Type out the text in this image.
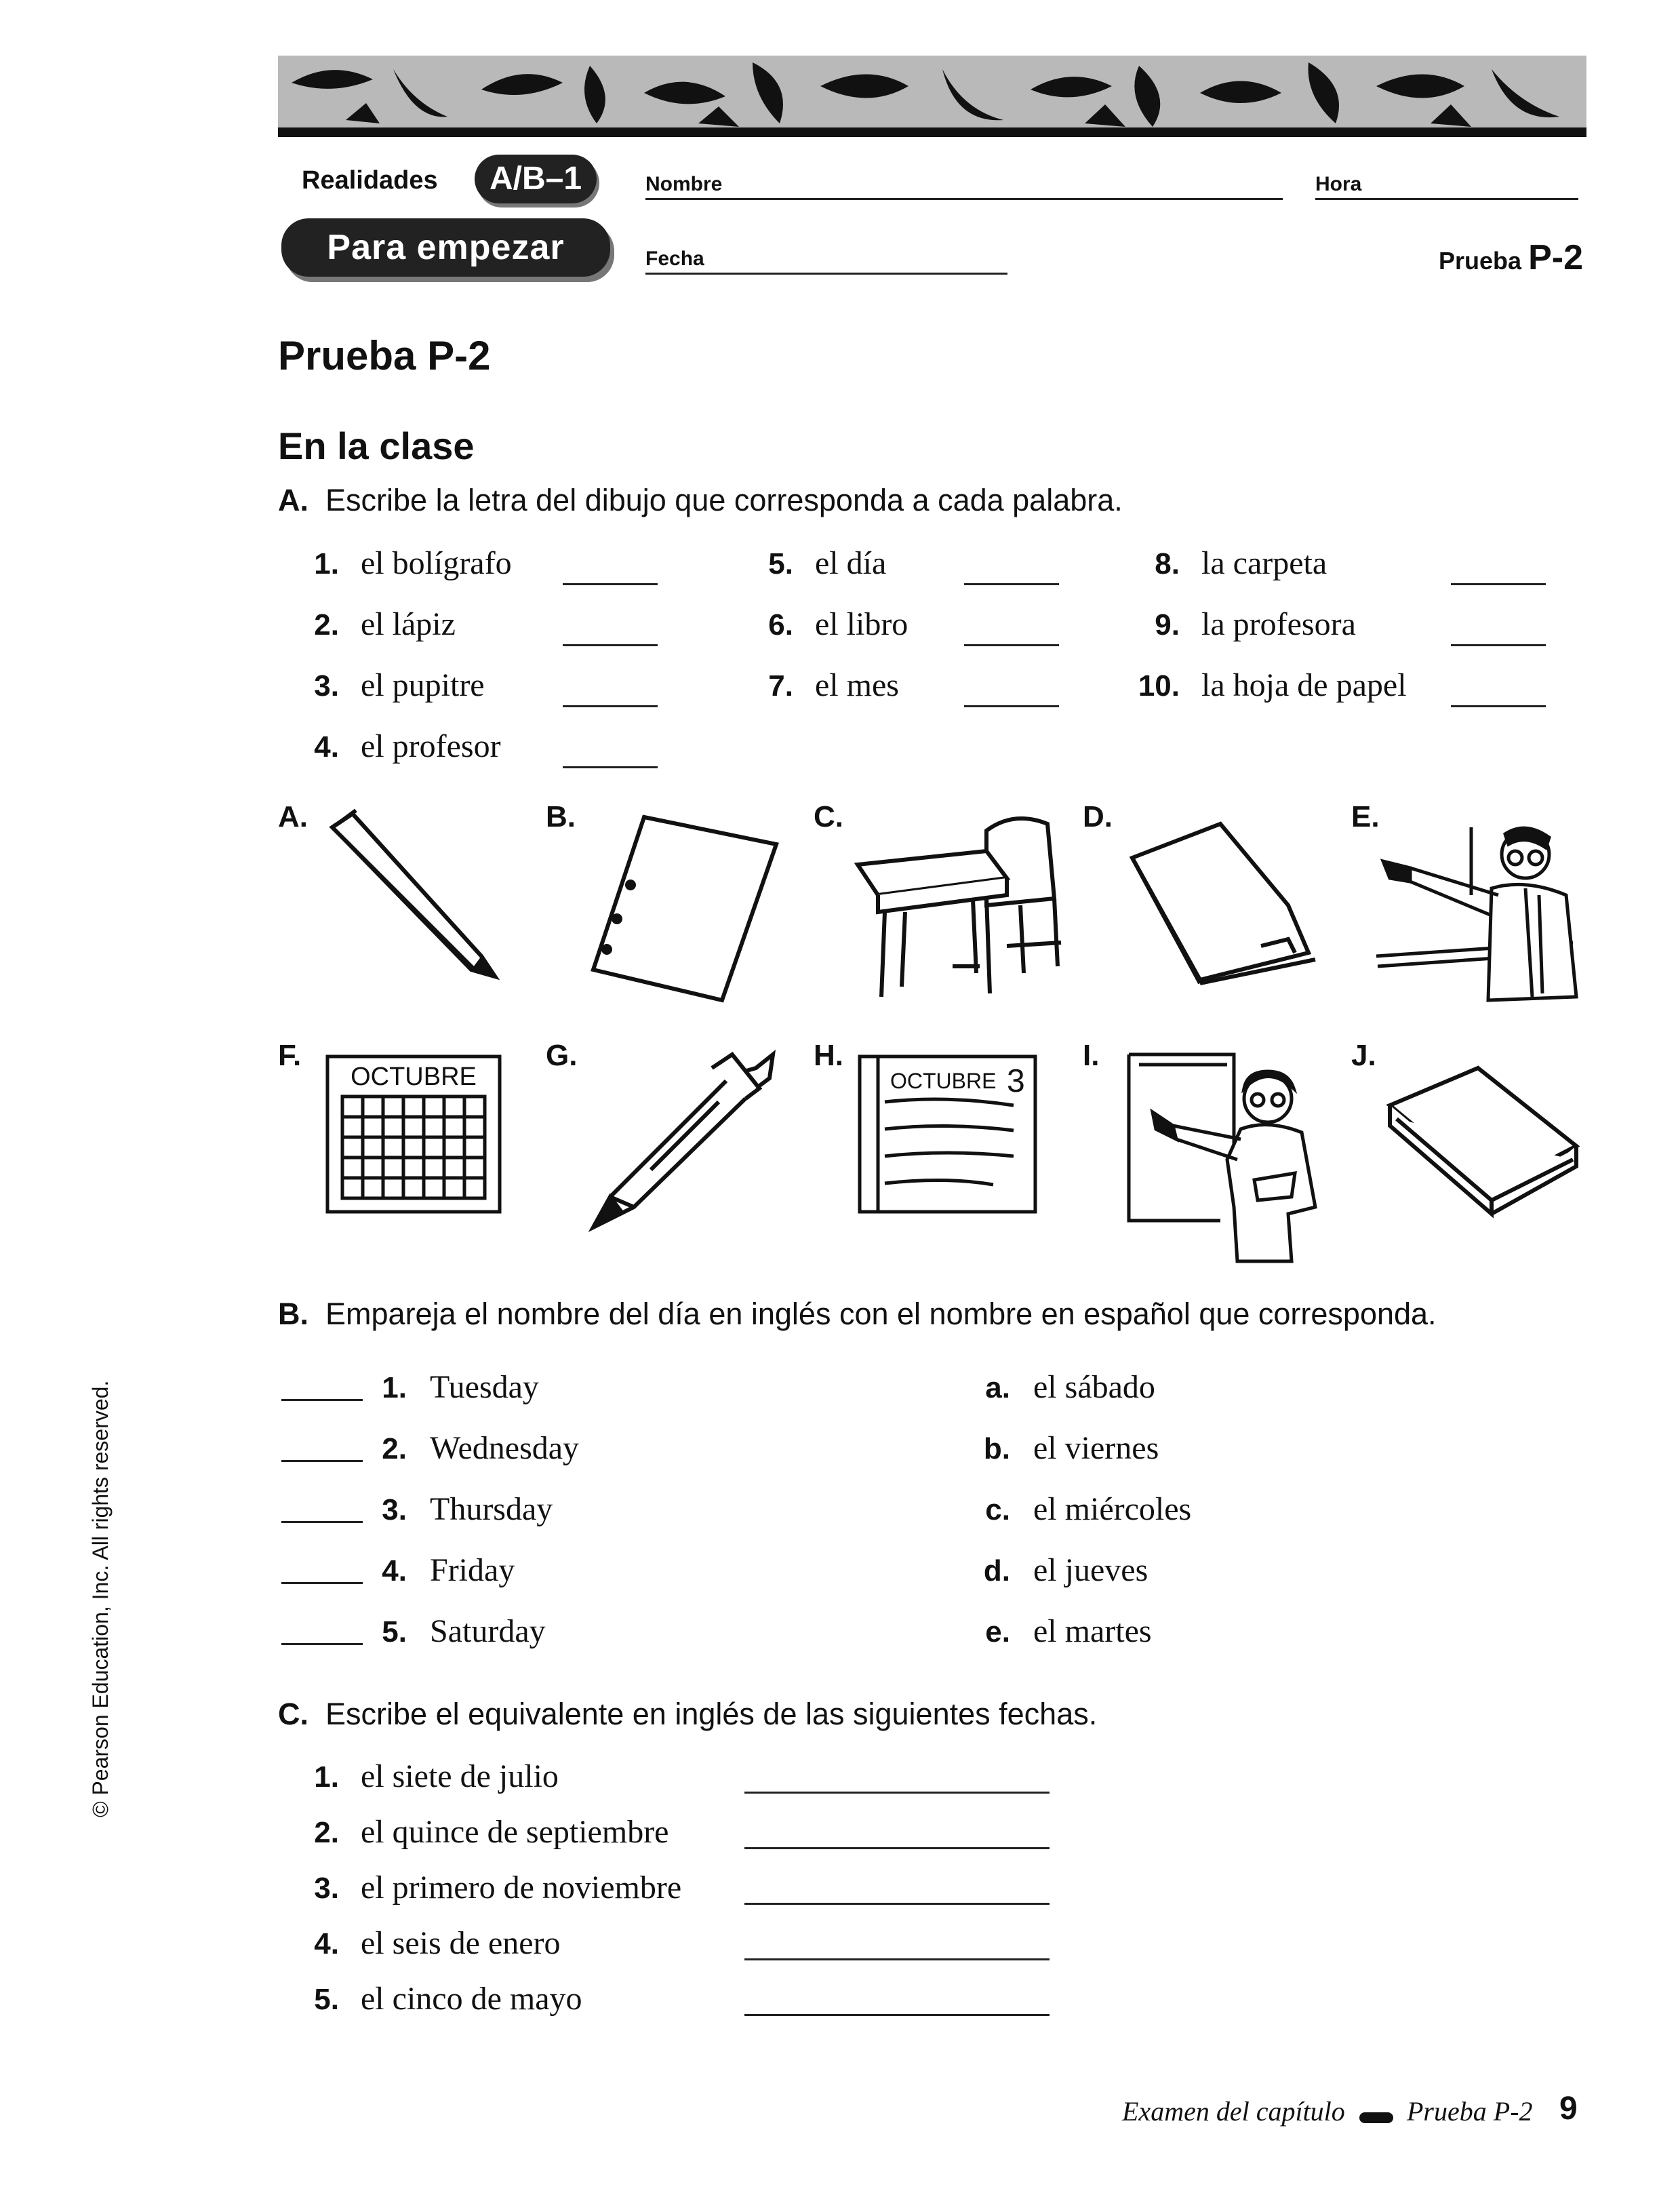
Realidades	A/B–1
Para empezar
Nombre	Hora
Fecha	Prueba P-2
Prueba P-2
En la clase
A. Escribe la letra del dibujo que corresponda a cada palabra.
1. el bolígrafo
2. el lápiz
3. el pupitre
4. el profesor
5. el día
6. el libro
7. el mes
8. la carpeta
9. la profesora
10. la hoja de papel
A.	B.	C.	D.	E.
F.
OCTUBRE
G.	H.
OCTUBRE 3
I.	J.
B. Empareja el nombre del día en inglés con el nombre en español que corresponda.
1. Tuesday
2. Wednesday
3. Thursday
4. Friday
5. Saturday
a. el sábado
b. el viernes
c. el miércoles
d. el jueves
e. el martes
C. Escribe el equivalente en inglés de las siguientes fechas.
1. el siete de julio
2. el quince de septiembre
3. el primero de noviembre
4. el seis de enero
5. el cinco de mayo
© Pearson Education, Inc. All rights reserved.
Examen del capítulo Prueba P-2 9
